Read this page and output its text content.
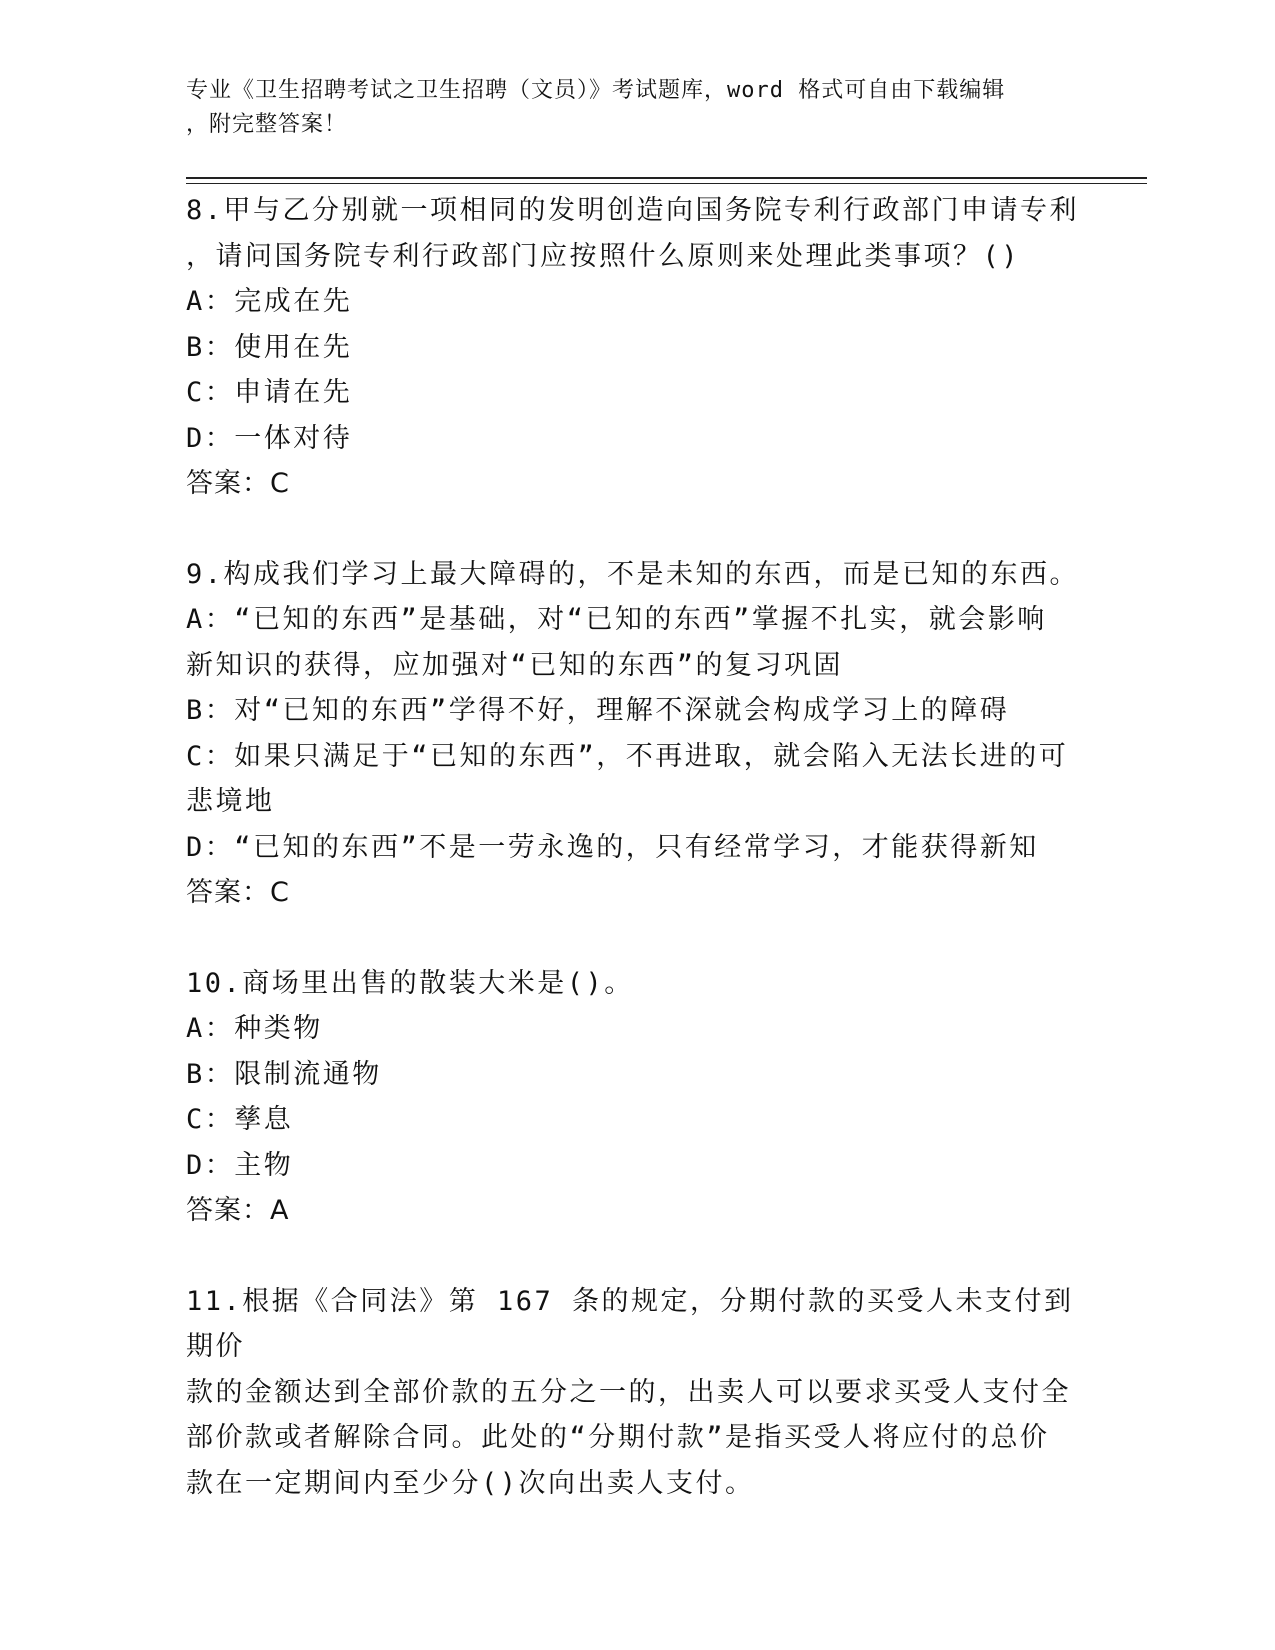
专业《卫生招聘考试之卫生招聘（文员）》考试题库，word 格式可自由下载编辑
，附完整答案！

8.甲与乙分别就一项相同的发明创造向国务院专利行政部门申请专利

，请问国务院专利行政部门应按照什么原则来处理此类事项？()

A：完成在先

B：使用在先

C：申请在先

D：一体对待

答案：C

9.构成我们学习上最大障碍的，不是未知的东西，而是已知的东西。

A：“已知的东西”是基础，对“已知的东西”掌握不扎实，就会影响

新知识的获得，应加强对“已知的东西”的复习巩固

B：对“已知的东西”学得不好，理解不深就会构成学习上的障碍

C：如果只满足于“已知的东西”，不再进取，就会陷入无法长进的可

悲境地

D：“已知的东西”不是一劳永逸的，只有经常学习，才能获得新知

答案：C

10.商场里出售的散装大米是()。

A：种类物

B：限制流通物

C：孳息

D：主物

答案：A

11.根据《合同法》第 167 条的规定，分期付款的买受人未支付到期价

款的金额达到全部价款的五分之一的，出卖人可以要求买受人支付全

部价款或者解除合同。此处的“分期付款”是指买受人将应付的总价

款在一定期间内至少分()次向出卖人支付。
